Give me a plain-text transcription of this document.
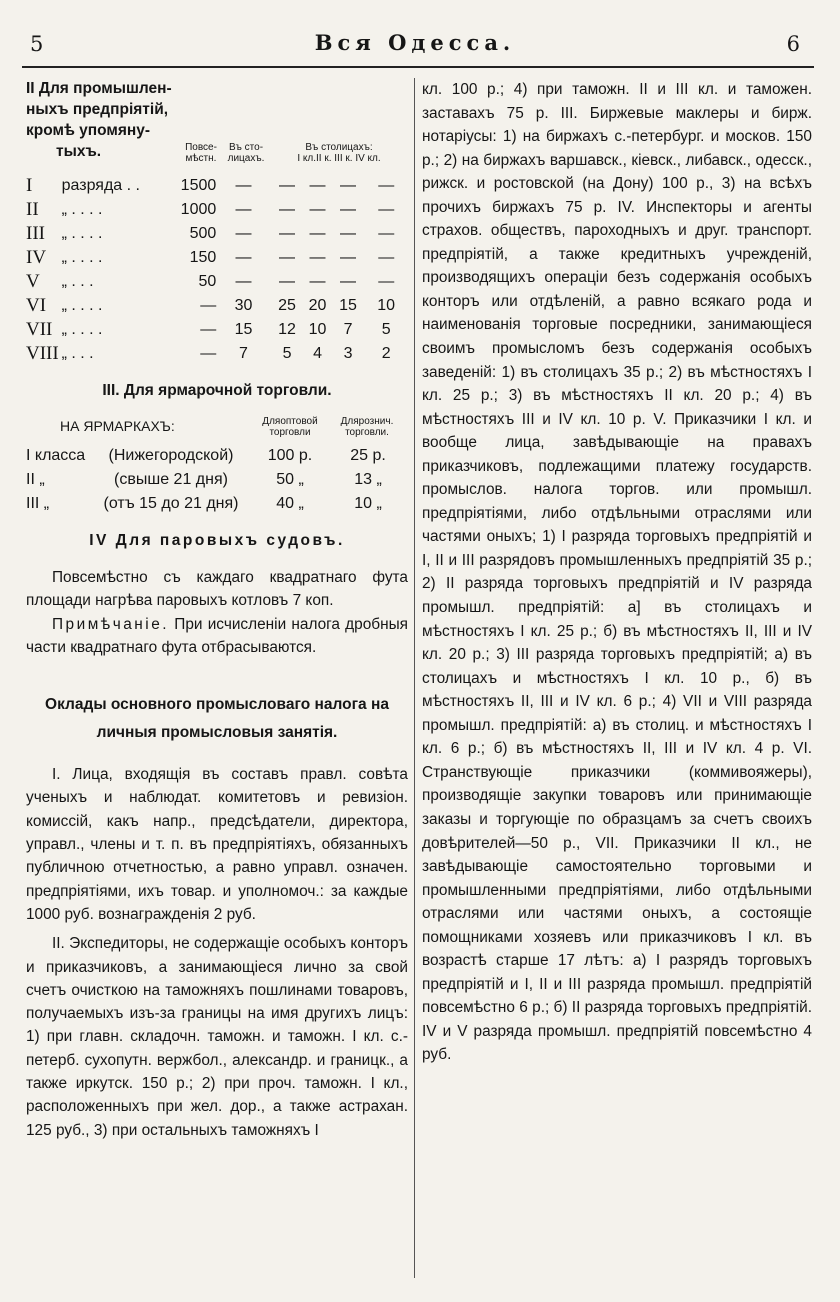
5	Вся Одесса.	6
II Для промышлен-
ныхъ предпріятій,
кромѣ упомяну-
тыхъ.	Повсе-
мѣстн.
Въ сто-
лицахъ.
Въ столицахъ:
I кл.II к. III к. IV кл.
I	разряда . .	1500	—	—	—	—	—
II	„ . . . .	1000	—	—	—	—	—
III	„ . . . .	500	—	—	—	—	—
IV	„ . . . .	150	—	—	—	—	—
V	„ . . .	50	—	—	—	—	—
VI	„ . . . .	—	30	25	20	15	10
VII	„ . . . .	—	15	12	10	7	5
VIII	„ . . .	—	7	5	4	3	2
III. Для ярмарочной торговли.
НА ЯРМАРКАХЪ:	Дляоптовой
торговли
Длярознич.
торговли.
I класса	(Нижегородской)	100 р.	25 р.
II „	(свыше 21 дня)	50 „	13 „
III „	(отъ 15 до 21 дня)	40 „	10 „
IV Для паровыхъ судовъ.

Повсемѣстно съ каждаго квадратнаго фута площади нагрѣва паровыхъ котловъ 7 коп.

Примѣчаніе. При исчисленіи налога дробныя части квадратнаго фута отбрасываются.

Оклады основного промысловаго налога на
личныя промысловыя занятія.

I. Лица, входящія въ составъ правл. совѣта ученыхъ и наблюдат. комитетовъ и ревизіон. комиссій, какъ напр., предсѣдатели, директора, управл., члены и т. п. въ предпріятіяхъ, обязанныхъ публичною отчетностью, а равно управл. означен. предпріятіями, ихъ товар. и уполномоч.: за каждые 1000 руб. вознагражденія 2 руб.

II. Экспедиторы, не содержащіе особыхъ конторъ и приказчиковъ, а занимающіеся лично за свой счетъ очисткою на таможняхъ пошлинами товаровъ, получаемыхъ изъ-за границы на имя другихъ лицъ: 1) при главн. складочн. таможн. и таможн. I кл. с.-петерб. сухопутн. вержбол., александр. и границк., а также иркутск. 150 р.; 2) при проч. таможн. I кл., расположенныхъ при жел. дор., а также астрахан. 125 руб., 3) при остальныхъ таможняхъ I

кл. 100 р.; 4) при таможн. II и III кл. и таможен. заставахъ 75 р. III. Биржевые маклеры и бирж. нотаріусы: 1) на биржахъ с.-петербург. и москов. 150 р.; 2) на биржахъ варшавск., кіевск., либавск., одесск., рижск. и ростовской (на Дону) 100 р., 3) на всѣхъ прочихъ биржахъ 75 р. IV. Инспекторы и агенты страхов. обществъ, пароходныхъ и друг. транспорт. предпріятій, а также кредитныхъ учрежденій, производящихъ операціи безъ содержанія особыхъ конторъ или отдѣленій, а равно всякаго рода и наименованія торговые посредники, занимающіеся своимъ промысломъ безъ содержанія особыхъ заведеній: 1) въ столицахъ 35 р.; 2) въ мѣстностяхъ I кл. 25 р.; 3) въ мѣстностяхъ II кл. 20 р.; 4) въ мѣстностяхъ III и IV кл. 10 р. V. Приказчики I кл. и вообще лица, завѣдывающіе на правахъ приказчиковъ, подлежащими платежу государств. промыслов. налога торгов. или промышл. предпріятіями, либо отдѣльными отраслями или частями оныхъ; 1) I разряда торговыхъ предпріятій и I, II и III разрядовъ промышленныхъ предпріятій 35 р.; 2) II разряда торговыхъ предпріятій и IV разряда промышл. предпріятій: а] въ столицахъ и мѣстностяхъ I кл. 25 р.; б) въ мѣстностяхъ II, III и IV кл. 20 р.; 3) III разряда торговыхъ предпріятій; а) въ столицахъ и мѣстностяхъ I кл. 10 р., б) въ мѣстностяхъ II, III и IV кл. 6 р.; 4) VII и VIII разряда промышл. предпріятій: а) въ столиц. и мѣстностяхъ I кл. 6 р.; б) въ мѣстностяхъ II, III и IV кл. 4 р. VI. Странствующіе приказчики (коммивояжеры), производящіе закупки товаровъ или принимающіе заказы и торгующіе по образцамъ за счетъ своихъ довѣрителей—50 р., VII. Приказчики II кл., не завѣдывающіе самостоятельно торговыми и промышленными предпріятіями, либо отдѣльными отраслями или частями оныхъ, а состоящіе помощниками хозяевъ или приказчиковъ I кл. въ возрастѣ старше 17 лѣтъ: а) I разрядъ торговыхъ предпріятій и I, II и III разряда промышл. предпріятій повсемѣстно 6 р.; б) II разряда торговыхъ предпріятій. IV и V разряда промышл. предпріятій повсемѣстно 4 руб.
